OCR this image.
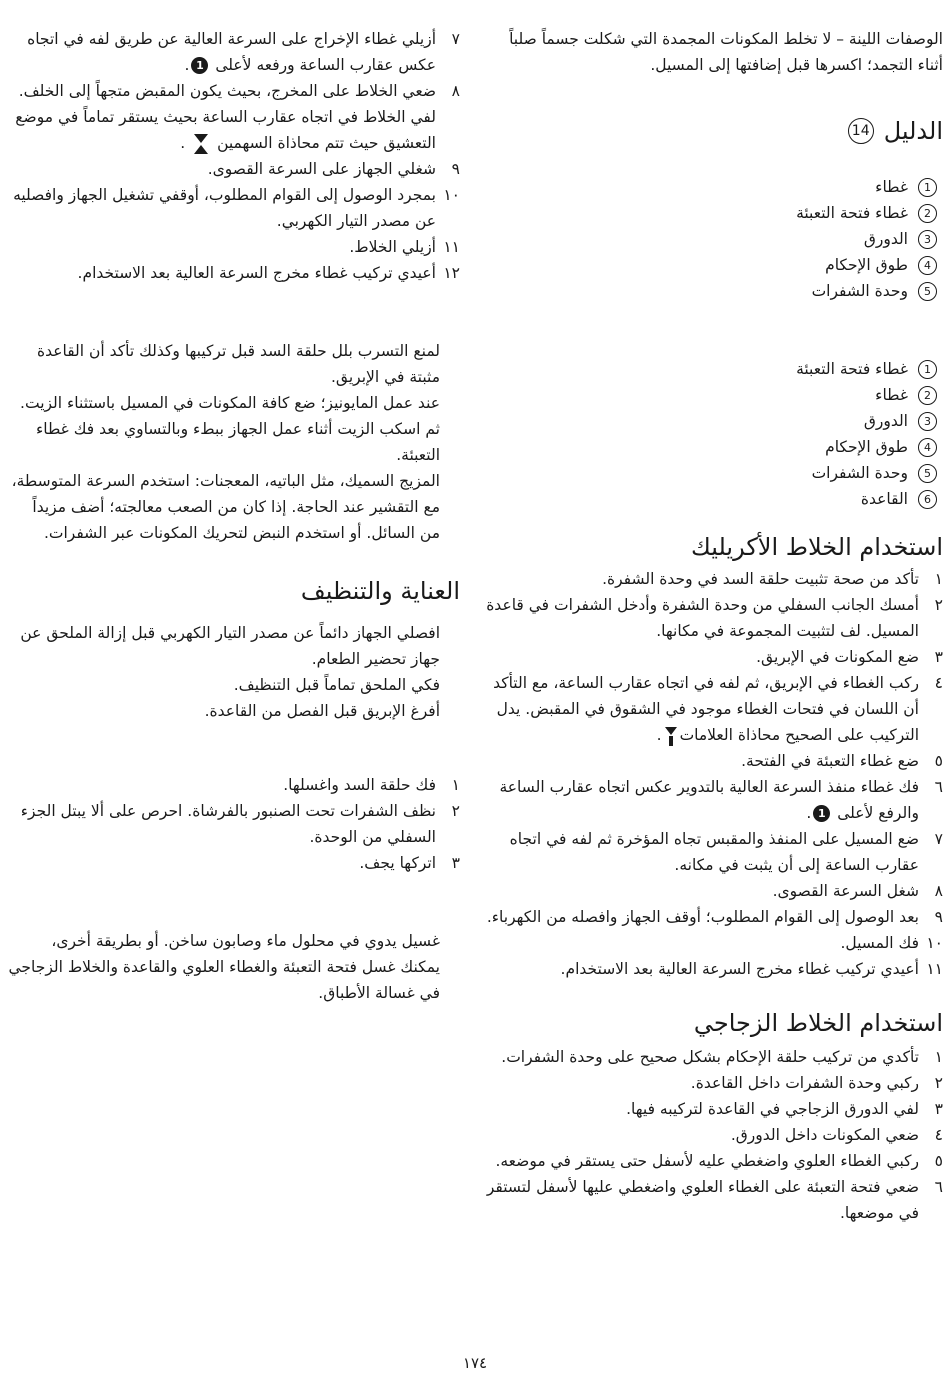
الوصفات اللينة – لا تخلط المكونات المجمدة التي شكلت جسماً صلباً أثناء التجمد؛ اكسرها قبل إضافتها إلى المسيل.

الدليل
14
1
غطاء
2
غطاء فتحة التعبئة
3
الدورق
4
طوق الإحكام
5
وحدة الشفرات
1
غطاء فتحة التعبئة
2
غطاء
3
الدورق
4
طوق الإحكام
5
وحدة الشفرات
6
القاعدة
استخدام الخلاط الأكريليك
١
تأكد من صحة تثبيت حلقة السد في وحدة الشفرة.
٢
أمسك الجانب السفلي من وحدة الشفرة وأدخل الشفرات في قاعدة المسيل. لف لتثبيت المجموعة في مكانها.
٣
ضع المكونات في الإبريق.
٤
ركب الغطاء في الإبريق، ثم لفه في اتجاه عقارب الساعة، مع التأكد أن اللسان في فتحات الغطاء موجود في الشقوق في المقبض. يدل التركيب على الصحيح محاذاة العلامات.
٥
ضع غطاء التعبئة في الفتحة.
٦
فك غطاء منفذ السرعة العالية بالتدوير عكس اتجاه عقارب الساعة والرفع لأعلى 1.
٧
ضع المسيل على المنفذ والمقبس تجاه المؤخرة ثم لفه في اتجاه عقارب الساعة إلى أن يثبت في مكانه.
٨
شغل السرعة القصوى.
٩
بعد الوصول إلى القوام المطلوب؛ أوقف الجهاز وافصله من الكهرباء.
١٠
فك المسيل.
١١
أعيدي تركيب غطاء مخرج السرعة العالية بعد الاستخدام.
استخدام الخلاط الزجاجي
١
تأكدي من تركيب حلقة الإحكام بشكل صحيح على وحدة الشفرات.
٢
ركبي وحدة الشفرات داخل القاعدة.
٣
لفي الدورق الزجاجي في القاعدة لتركيبه فيها.
٤
ضعي المكونات داخل الدورق.
٥
ركبي الغطاء العلوي واضغطي عليه لأسفل حتى يستقر في موضعه.
٦
ضعي فتحة التعبئة على الغطاء العلوي واضغطي عليها لأسفل لتستقر في موضعها.
٧
أزيلي غطاء الإخراج على السرعة العالية عن طريق لفه في اتجاه عكس عقارب الساعة ورفعه لأعلى 1.
٨
ضعي الخلاط على المخرج، بحيث يكون المقبض متجهاً إلى الخلف. لفي الخلاط في اتجاه عقارب الساعة بحيث يستقر تماماً في موضع التعشيق حيث تتم محاذاة السهمين  .
٩
شغلي الجهاز على السرعة القصوى.
١٠
بمجرد الوصول إلى القوام المطلوب، أوقفي تشغيل الجهاز وافصليه عن مصدر التيار الكهربي.
١١
أزيلي الخلاط.
١٢
أعيدي تركيب غطاء مخرج السرعة العالية بعد الاستخدام.

لمنع التسرب بلل حلقة السد قبل تركيبها وكذلك تأكد أن القاعدة مثبتة في الإبريق.

عند عمل المايونيز؛ ضع كافة المكونات في المسيل باستثناء الزيت. ثم اسكب الزيت أثناء عمل الجهاز ببطء وبالتساوي بعد فك غطاء التعبئة.

المزيج السميك، مثل الباتيه، المعجنات: استخدم السرعة المتوسطة، مع التقشير عند الحاجة. إذا كان من الصعب معالجته؛ أضف مزيداً من السائل. أو استخدم النبض لتحريك المكونات عبر الشفرات.

العناية والتنظيف

افصلي الجهاز دائماً عن مصدر التيار الكهربي قبل إزالة الملحق عن جهاز تحضير الطعام.

فكي الملحق تماماً قبل التنظيف.

أفرغ الإبريق قبل الفصل من القاعدة.

١
فك حلقة السد واغسلها.
٢
نظف الشفرات تحت الصنبور بالفرشاة. احرص على ألا يبتل الجزء السفلي من الوحدة.
٣
اتركها يجف.

غسيل يدوي في محلول ماء وصابون ساخن. أو بطريقة أخرى، يمكنك غسل فتحة التعبئة والغطاء العلوي والقاعدة والخلاط الزجاجي في غسالة الأطباق.

١٧٤
